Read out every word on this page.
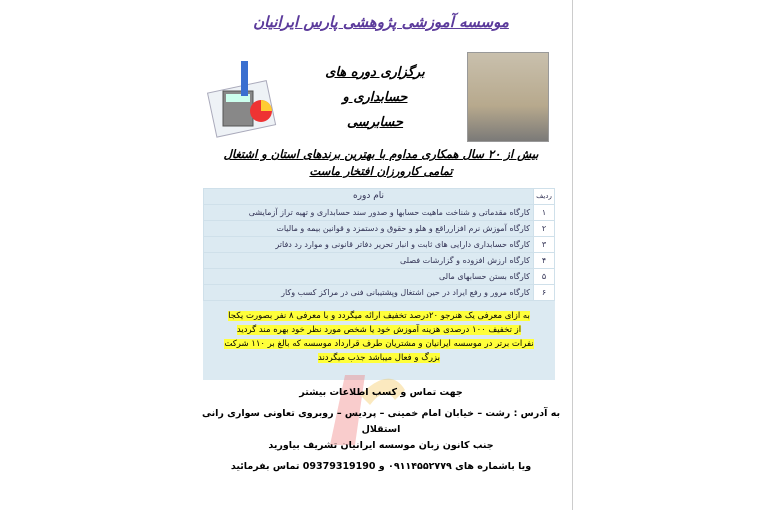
موسسه آموزشی پژوهشی پارس ایرانیان
برگزاری دوره های
حسابداری و
حسابرسی
بیش از ۲۰ سال همکاری مداوم با بهترین برندهای استان و اشتغال
تمامی کارورزان افتخار ماست
ردیف	نام دوره
۱	کارگاه مقدماتی و شناخت ماهیت حسابها و صدور سند حسابداری و تهیه تراز آزمایشی
۲	کارگاه آموزش نرم افزارراقع و هلو و حقوق و دستمزد و قوانین بیمه و مالیات
۳	کارگاه حسابداری دارایی های ثابت و انبار تحریر دفاتر قانونی و موارد رد دفاتر
۴	کارگاه ارزش افزوده و گزارشات فصلی
۵	کارگاه بستن حسابهای مالی
۶	کارگاه مرور و رفع ایراد در حین اشتغال وپشتیبانی فنی در مراکز کسب وکار
به ازای معرفی یک هنرجو ۲۰درصد تخفیف ارائه میگردد و با معرفی ۸ نفر بصورت یکجا
از تخفیف ۱۰۰ درصدی هزینه آموزش خود یا شخص مورد نظر خود بهره مند گردید
نفرات برتر در موسسه ایرانیان و مشتریان طرف قرارداد موسسه که بالغ بر ۱۱۰ شرکت
بزرگ و فعال میباشد جذب میگردند
جهت تماس و کسب اطلاعات بیشتر
به آدرس : رشت – خیابان امام خمینی – پردیس – روبروی تعاونی سواری رانی استقلال
جنب کانون زبان موسسه ایرانیان تشریف بیاورید
ویا باشماره های ۰۹۱۱۴۵۵۲۷۷۹ و 09379319190 تماس بفرمائید
